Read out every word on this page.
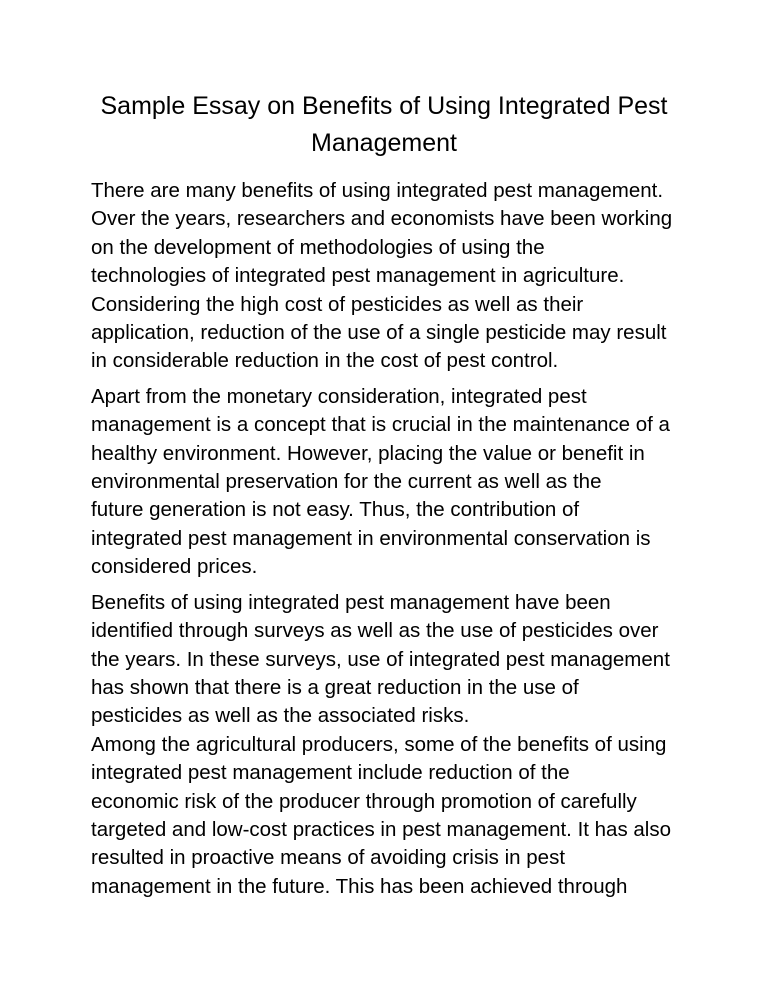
Sample Essay on Benefits of Using Integrated Pest
Management

There are many benefits of using integrated pest management.
Over the years, researchers and economists have been working
on the development of methodologies of using the
technologies of integrated pest management in agriculture.
Considering the high cost of pesticides as well as their
application, reduction of the use of a single pesticide may result
in considerable reduction in the cost of pest control.

Apart from the monetary consideration, integrated pest
management is a concept that is crucial in the maintenance of a
healthy environment. However, placing the value or benefit in
environmental preservation for the current as well as the
future generation is not easy. Thus, the contribution of
integrated pest management in environmental conservation is
considered prices.

Benefits of using integrated pest management have been
identified through surveys as well as the use of pesticides over
the years. In these surveys, use of integrated pest management
has shown that there is a great reduction in the use of
pesticides as well as the associated risks.

Among the agricultural producers, some of the benefits of using
integrated pest management include reduction of the
economic risk of the producer through promotion of carefully
targeted and low-cost practices in pest management. It has also
resulted in proactive means of avoiding crisis in pest
management in the future. This has been achieved through
